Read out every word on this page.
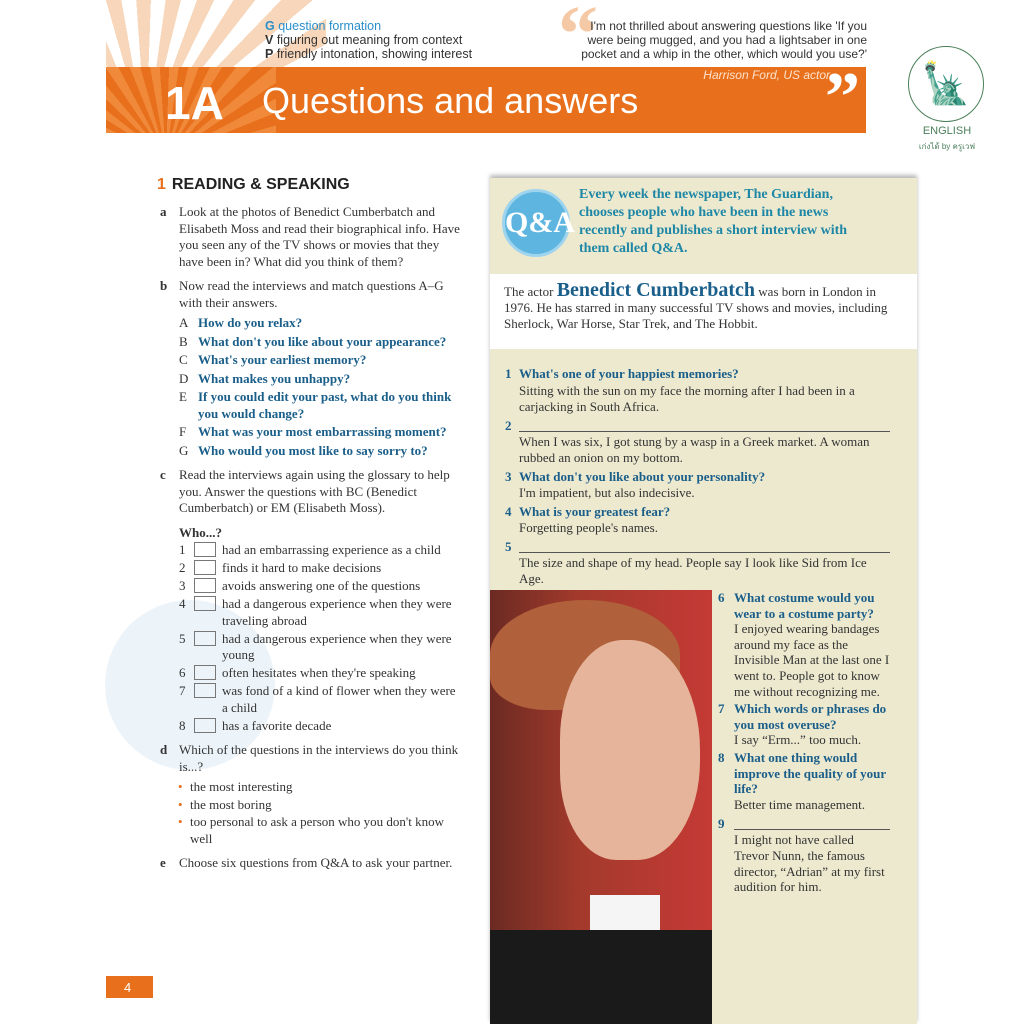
1A Questions and answers
G question formation
V figuring out meaning from context
P friendly intonation, showing interest “
I'm not thrilled about answering questions like 'If you were being mugged, and you had a lightsaber in one pocket and a whip in the other, which would you use?'
Harrison Ford, US actor
”	🗽
ENGLISH
เก่งได้ by ครูเวฟ
1 READING & SPEAKING
a Look at the photos of Benedict Cumberbatch and Elisabeth Moss and read their biographical info. Have you seen any of the TV shows or movies that they have been in? What did you think of them?
b Now read the interviews and match questions A–G with their answers.
A How do you relax?
B What don't you like about your appearance?
C What's your earliest memory?
D What makes you unhappy?
E If you could edit your past, what do you think you would change?
F What was your most embarrassing moment?
G Who would you most like to say sorry to?
c Read the interviews again using the glossary to help you. Answer the questions with BC (Benedict Cumberbatch) or EM (Elisabeth Moss).
Who...?
1	had an embarrassing experience as a child
2	finds it hard to make decisions
3	avoids answering one of the questions
4	had a dangerous experience when they were traveling abroad
5	had a dangerous experience when they were young
6	often hesitates when they're speaking
7	was fond of a kind of flower when they were a child
8	has a favorite decade
d Which of the questions in the interviews do you think is...?
• the most interesting
• the most boring
• too personal to ask a person who you don't know well
e Choose six questions from Q&A to ask your partner.
4
Q&A
Every week the newspaper, The Guardian, chooses people who have been in the news recently and publishes a short interview with them called Q&A.
The actor Benedict Cumberbatch was born in London in 1976. He has starred in many successful TV shows and movies, including Sherlock, War Horse, Star Trek, and The Hobbit.
1 What's one of your happiest memories?
Sitting with the sun on my face the morning after I had been in a carjacking in South Africa.
2
When I was six, I got stung by a wasp in a Greek market. A woman rubbed an onion on my bottom.
3 What don't you like about your personality?
I'm impatient, but also indecisive.
4 What is your greatest fear?
Forgetting people's names.
5
The size and shape of my head. People say I look like Sid from Ice Age.
6 What costume would you wear to a costume party?
I enjoyed wearing bandages around my face as the Invisible Man at the last one I went to. People got to know me without recognizing me.
7 Which words or phrases do you most overuse?
I say “Erm...” too much.
8 What one thing would improve the quality of your life?
Better time management.
9
I might not have called Trevor Nunn, the famous director, “Adrian” at my first audition for him.
